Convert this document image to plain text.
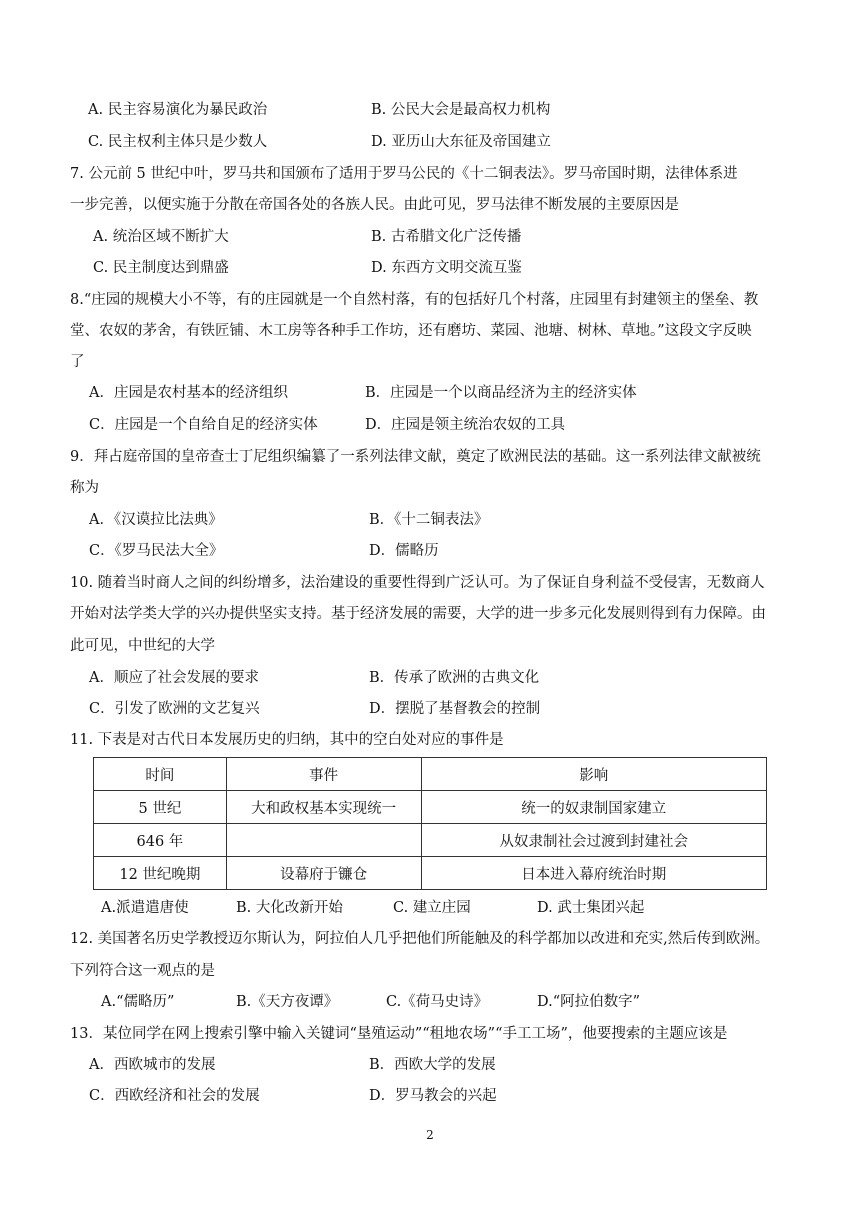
A. 民主容易演化为暴民政治	B. 公民大会是最高权力机构
C. 民主权利主体只是少数人	D. 亚历山大东征及帝国建立
7. 公元前 5 世纪中叶，罗马共和国颁布了适用于罗马公民的《十二铜表法》。罗马帝国时期，法律体系进
一步完善，以便实施于分散在帝国各处的各族人民。由此可见，罗马法律不断发展的主要原因是
A. 统治区域不断扩大	B. 古希腊文化广泛传播
C. 民主制度达到鼎盛	D. 东西方文明交流互鉴
8.“庄园的规模大小不等，有的庄园就是一个自然村落，有的包括好几个村落，庄园里有封建领主的堡垒、教
堂、农奴的茅舍，有铁匠铺、木工房等各种手工作坊，还有磨坊、菜园、池塘、树林、草地。”这段文字反映
了
A．庄园是农村基本的经济组织	B．庄园是一个以商品经济为主的经济实体
C．庄园是一个自给自足的经济实体	D．庄园是领主统治农奴的工具
9．拜占庭帝国的皇帝查士丁尼组织编纂了一系列法律文献，奠定了欧洲民法的基础。这一系列法律文献被统
称为
A．《汉谟拉比法典》	B．《十二铜表法》
C．《罗马民法大全》	D．儒略历
10. 随着当时商人之间的纠纷增多，法治建设的重要性得到广泛认可。为了保证自身利益不受侵害，无数商人
开始对法学类大学的兴办提供坚实支持。基于经济发展的需要，大学的进一步多元化发展则得到有力保障。由
此可见，中世纪的大学
A．顺应了社会发展的要求	B．传承了欧洲的古典文化
C．引发了欧洲的文艺复兴	D．摆脱了基督教会的控制
11. 下表是对古代日本发展历史的归纳，其中的空白处对应的事件是
时间	事件	影响
5 世纪	大和政权基本实现统一	统一的奴隶制国家建立
646 年		从奴隶制社会过渡到封建社会
12 世纪晚期	设幕府于镰仓	日本进入幕府统治时期
A.派遣遣唐使	B. 大化改新开始	C. 建立庄园	D. 武士集团兴起
12. 美国著名历史学教授迈尔斯认为，阿拉伯人几乎把他们所能触及的科学都加以改进和充实,然后传到欧洲。
下列符合这一观点的是
A.“儒略历”	B.《天方夜谭》	C.《荷马史诗》	D.“阿拉伯数字”
13．某位同学在网上搜索引擎中输入关键词“垦殖运动”“租地农场”“手工工场”，他要搜索的主题应该是
A．西欧城市的发展	B．西欧大学的发展
C．西欧经济和社会的发展	D．罗马教会的兴起
2
